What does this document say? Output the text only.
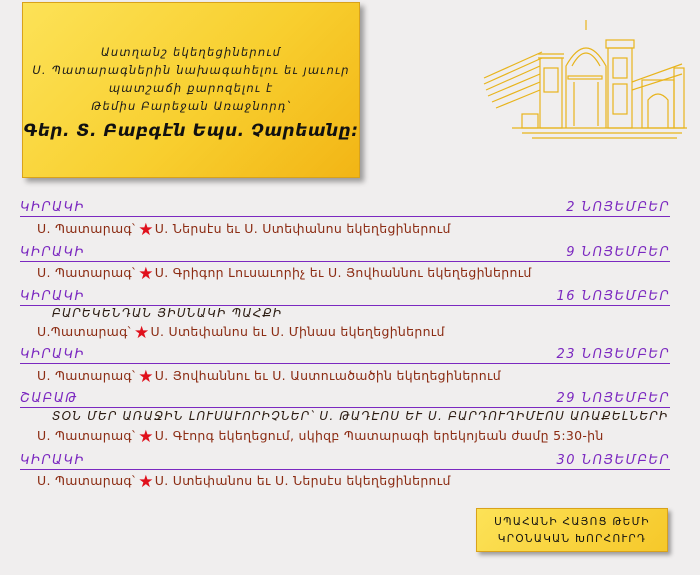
Աստղանշ եկեղեցիներում
Ս. Պատարագներին նախագահելու եւ յաւուր
պատշաճի քարոզելու է
Թեմիս Բարեջան Առաջնորդ՝
Գեր. Տ. Բաբգէն Եպս. Չարեանը:
ԿԻՐԱԿԻ	2 ՆՈՅԵՄԲԵՐ
Ս. Պատարագ՝ ★Ս. Ներսէս եւ Ս. Ստեփանոս եկեղեցիներում
ԿԻՐԱԿԻ	9 ՆՈՅԵՄԲԵՐ
Ս. Պատարագ՝ ★Ս. Գրիգոր Լուսաւորիչ եւ Ս. Յովհաննու եկեղեցիներում
ԿԻՐԱԿԻ	16 ՆՈՅԵՄԲԵՐ
ԲԱՐԵԿԵՆԴԱՆ ՅԻՍՆԱԿԻ ՊԱՀՔԻ
Ս.Պատարագ՝ ★Ս. Ստեփանոս եւ Ս. Մինաս եկեղեցիներում
ԿԻՐԱԿԻ	23 ՆՈՅԵՄԲԵՐ
Ս. Պատարագ՝ ★Ս. Յովհաննու եւ Ս. Աստուածածին եկեղեցիներում
ՇԱԲԱԹ	29 ՆՈՅԵՄԲԵՐ
ՏՕՆ ՄԵՐ ԱՌԱՋԻՆ ԼՈՒՍԱՒՈՐԻՉՆԵՐ՝ Ս. ԹԱԴԷՈՍ ԵՒ Ս. ԲԱՐԴՈՒՂԻՄԷՈՍ ԱՌԱՔԵԼՆԵՐԻ
Ս. Պատարագ՝ ★Ս. Գէորգ եկեղեցում, սկիզբ Պատարագի երեկոյեան ժամը 5:30-ին
ԿԻՐԱԿԻ	30 ՆՈՅԵՄԲԵՐ
Ս. Պատարագ՝ ★Ս. Ստեփանոս եւ Ս. Ներսէս եկեղեցիներում
ՍՊԱՀԱՆԻ ՀԱՅՈՑ ԹԵՄԻ
ԿՐՕՆԱԿԱՆ ԽՈՐՀՈՒՐԴ
